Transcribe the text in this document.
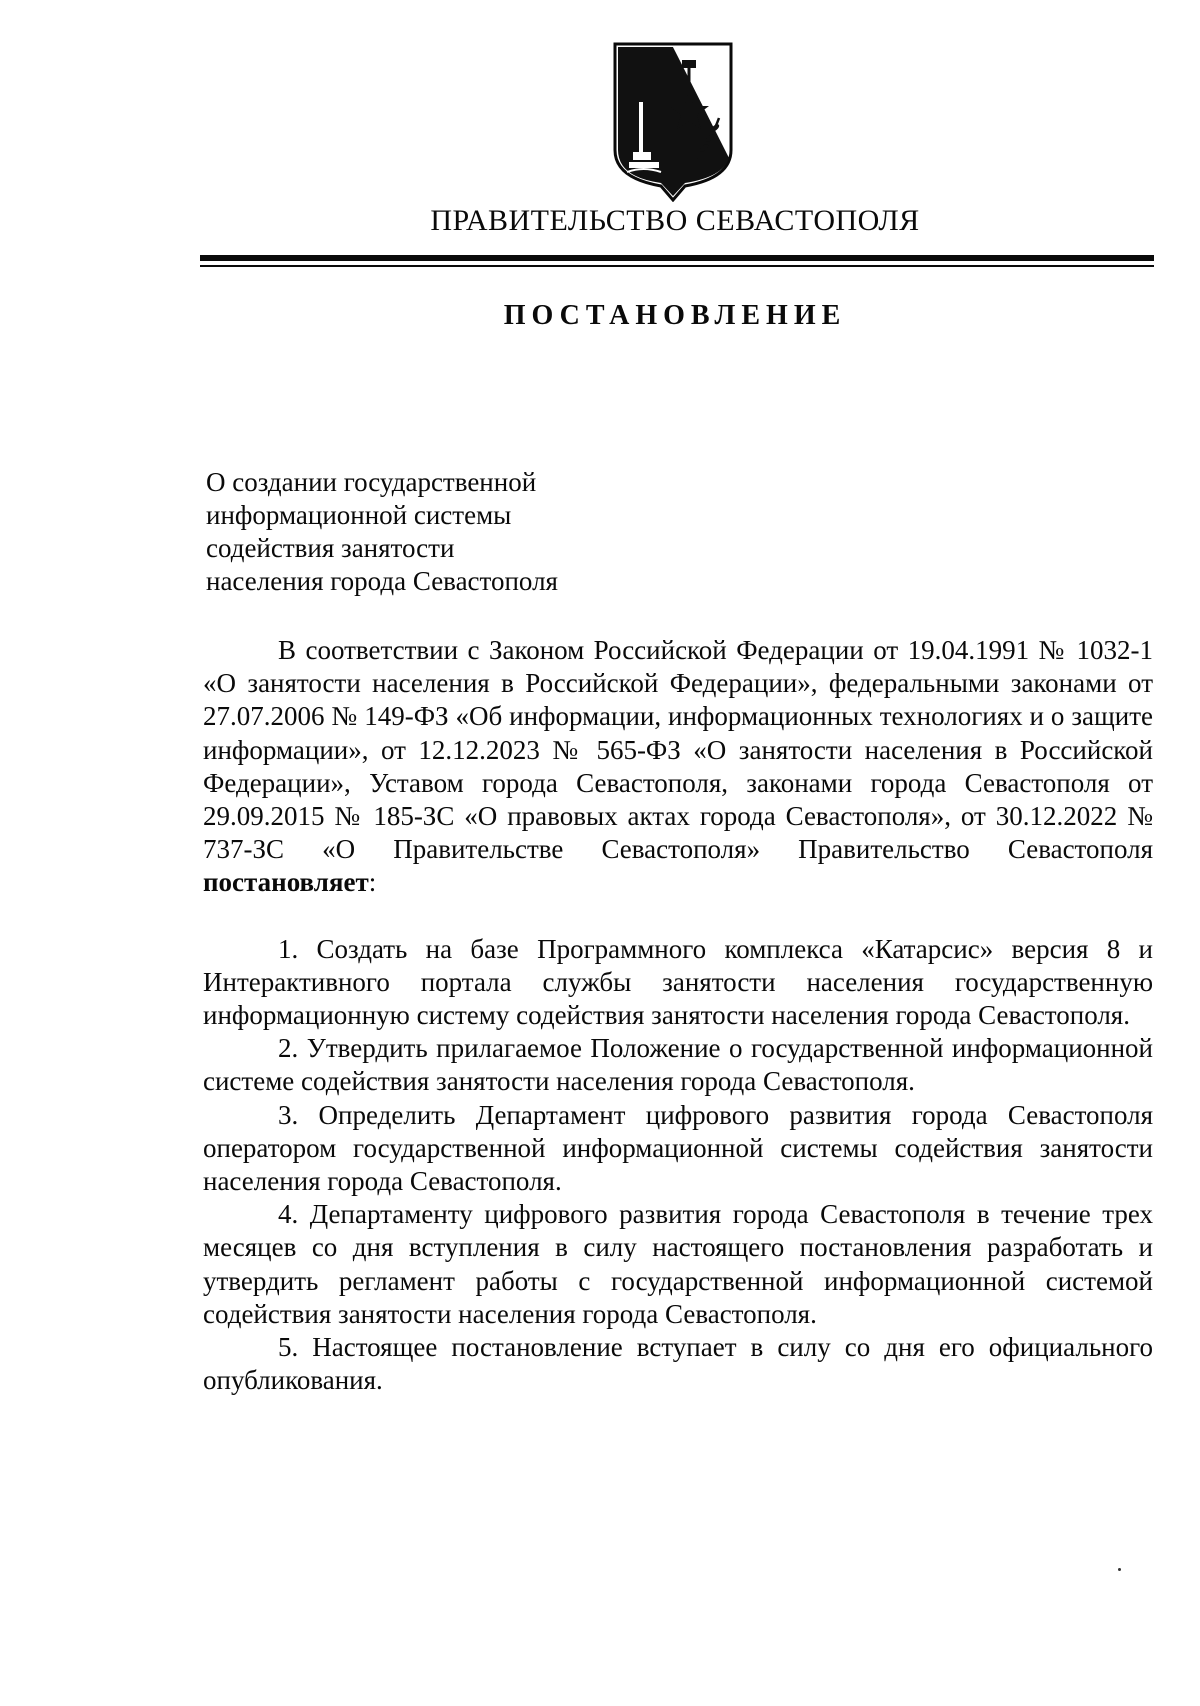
ПРАВИТЕЛЬСТВО СЕВАСТОПОЛЯ
ПОСТАНОВЛЕНИЕ
О создании государственной
информационной системы
содействия занятости
населения города Севастополя

В соответствии с Законом Российской Федерации от 19.04.1991 № 1032-1 «О занятости населения в Российской Федерации», федеральными законами от 27.07.2006 № 149-ФЗ «Об информации, информационных технологиях и о защите информации», от 12.12.2023 № 565-ФЗ «О занятости населения в Российской Федерации», Уставом города Севастополя, законами города Севастополя от 29.09.2015 № 185-ЗС «О правовых актах города Севастополя», от 30.12.2022 № 737-ЗС «О Правительстве Севастополя» Правительство Севастополя постановляет:

1. Создать на базе Программного комплекса «Катарсис» версия 8 и Интерактивного портала службы занятости населения государственную информационную систему содействия занятости населения города Севастополя.

2. Утвердить прилагаемое Положение о государственной информационной системе содействия занятости населения города Севастополя.

3. Определить Департамент цифрового развития города Севастополя оператором государственной информационной системы содействия занятости населения города Севастополя.

4. Департаменту цифрового развития города Севастополя в течение трех месяцев со дня вступления в силу настоящего постановления разработать и утвердить регламент работы с государственной информационной системой содействия занятости населения города Севастополя.

5. Настоящее постановление вступает в силу со дня его официального опубликования.
